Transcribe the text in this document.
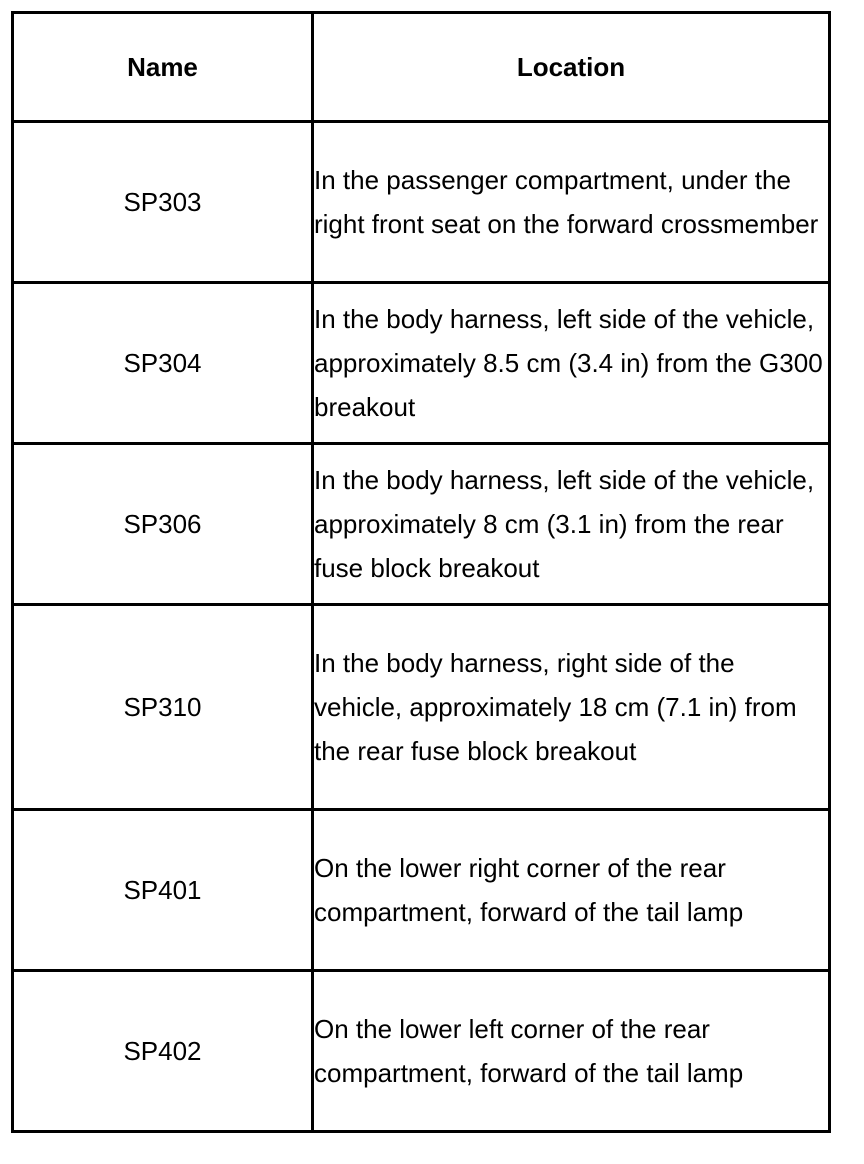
Name	Location
SP303	In the passenger compartment, under the right front seat on the forward crossmember
SP304	In the body harness, left side of the vehicle, approximately 8.5 cm (3.4 in) from the G300 breakout
SP306	In the body harness, left side of the vehicle, approximately 8 cm (3.1 in) from the rear fuse block breakout
SP310	In the body harness, right side of the vehicle, approximately 18 cm (7.1 in) from the rear fuse block breakout
SP401	On the lower right corner of the rear compartment, forward of the tail lamp
SP402	On the lower left corner of the rear compartment, forward of the tail lamp
